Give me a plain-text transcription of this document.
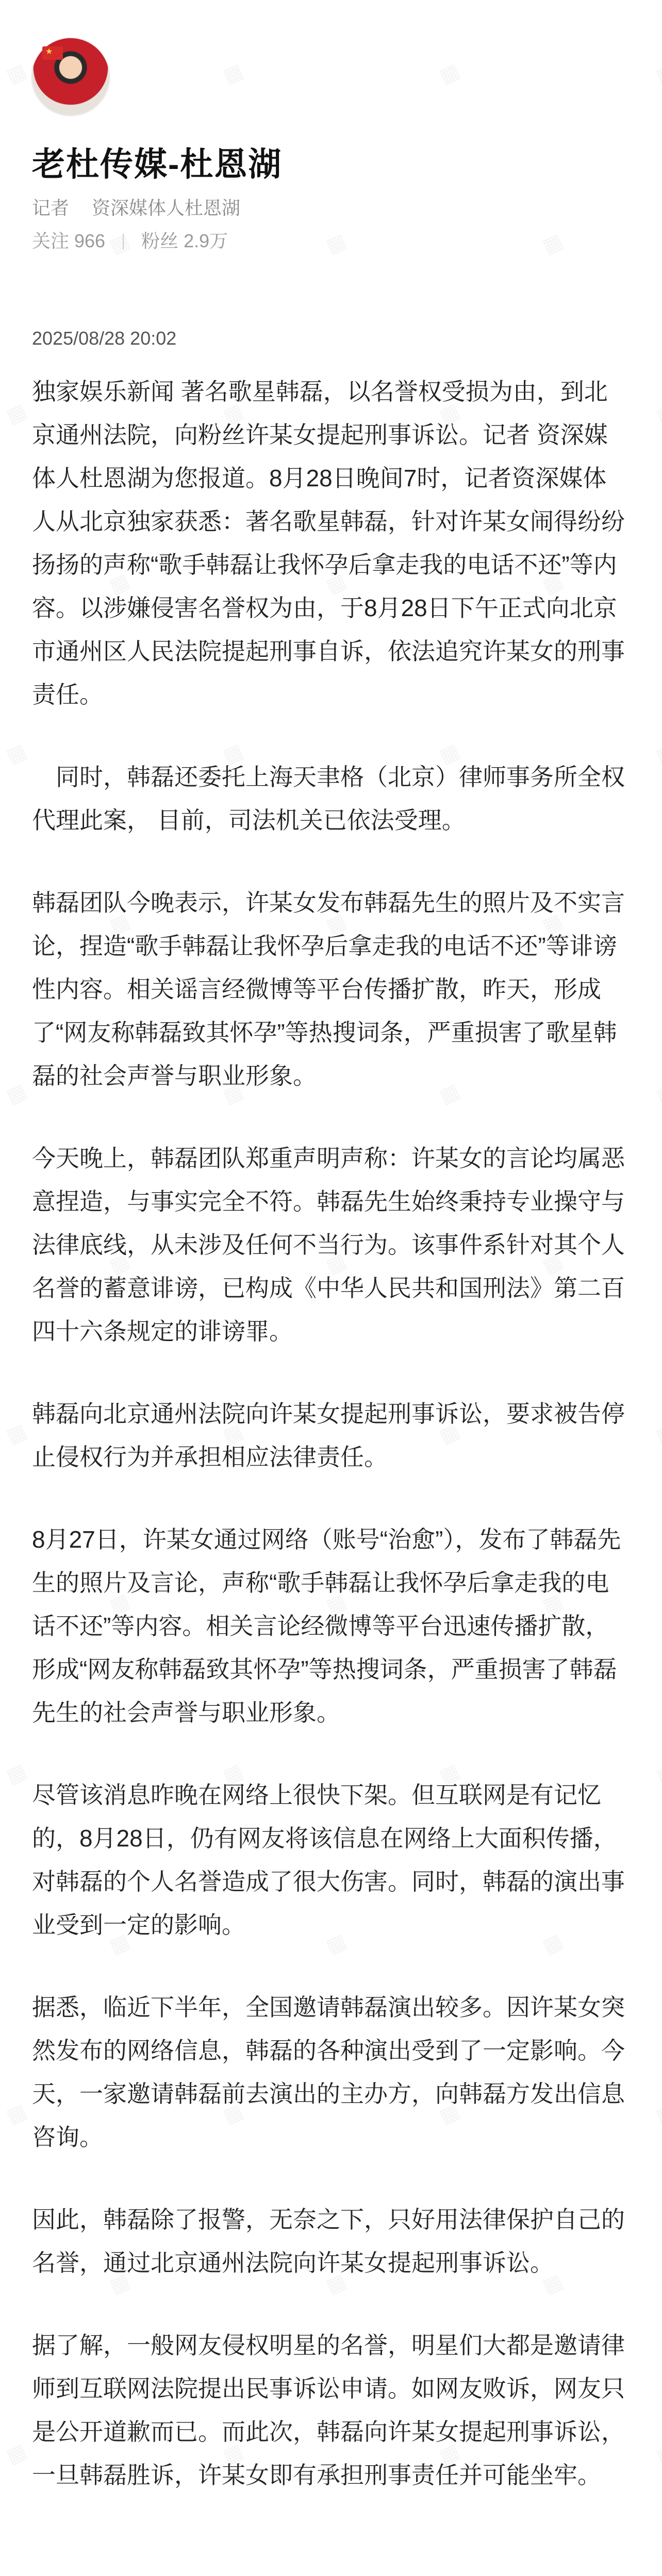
★
老杜传媒-杜恩湖
记者 资深媒体人杜恩湖
关注 966 粉丝 2.9万
2025/08/28 20:02

独家娱乐新闻 著名歌星韩磊，以名誉权受损为由，到北京通州法院，向粉丝许某女提起刑事诉讼。记者 资深媒体人杜恩湖为您报道。8月28日晚间7时，记者资深媒体人从北京独家获悉：著名歌星韩磊，针对许某女闹得纷纷扬扬的声称“歌手韩磊让我怀孕后拿走我的电话不还”等内容。以涉嫌侵害名誉权为由，于8月28日下午正式向北京市通州区人民法院提起刑事自诉，依法追究许某女的刑事责任。

同时，韩磊还委托上海天聿格（北京）律师事务所全权代理此案， 目前，司法机关已依法受理。

韩磊团队今晚表示，许某女发布韩磊先生的照片及不实言论，捏造“歌手韩磊让我怀孕后拿走我的电话不还”等诽谤性内容。相关谣言经微博等平台传播扩散，昨天，形成了“网友称韩磊致其怀孕”等热搜词条，严重损害了歌星韩磊的社会声誉与职业形象。

今天晚上，韩磊团队郑重声明声称：许某女的言论均属恶意捏造，与事实完全不符。韩磊先生始终秉持专业操守与法律底线，从未涉及任何不当行为。该事件系针对其个人名誉的蓄意诽谤，已构成《中华人民共和国刑法》第二百四十六条规定的诽谤罪。

韩磊向北京通州法院向许某女提起刑事诉讼，要求被告停止侵权行为并承担相应法律责任。

8月27日，许某女通过网络（账号“治愈”），发布了韩磊先生的照片及言论，声称“歌手韩磊让我怀孕后拿走我的电话不还”等内容。相关言论经微博等平台迅速传播扩散，形成“网友称韩磊致其怀孕”等热搜词条，严重损害了韩磊先生的社会声誉与职业形象。

尽管该消息昨晚在网络上很快下架。但互联网是有记忆的，8月28日，仍有网友将该信息在网络上大面积传播，对韩磊的个人名誉造成了很大伤害。同时，韩磊的演出事业受到一定的影响。

据悉，临近下半年，全国邀请韩磊演出较多。因许某女突然发布的网络信息，韩磊的各种演出受到了一定影响。今天，一家邀请韩磊前去演出的主办方，向韩磊方发出信息咨询。

因此，韩磊除了报警，无奈之下，只好用法律保护自己的名誉，通过北京通州法院向许某女提起刑事诉讼。

据了解，一般网友侵权明星的名誉，明星们大都是邀请律师到互联网法院提出民事诉讼申请。如网友败诉，网友只是公开道歉而已。而此次，韩磊向许某女提起刑事诉讼，一旦韩磊胜诉，许某女即有承担刑事责任并可能坐牢。
